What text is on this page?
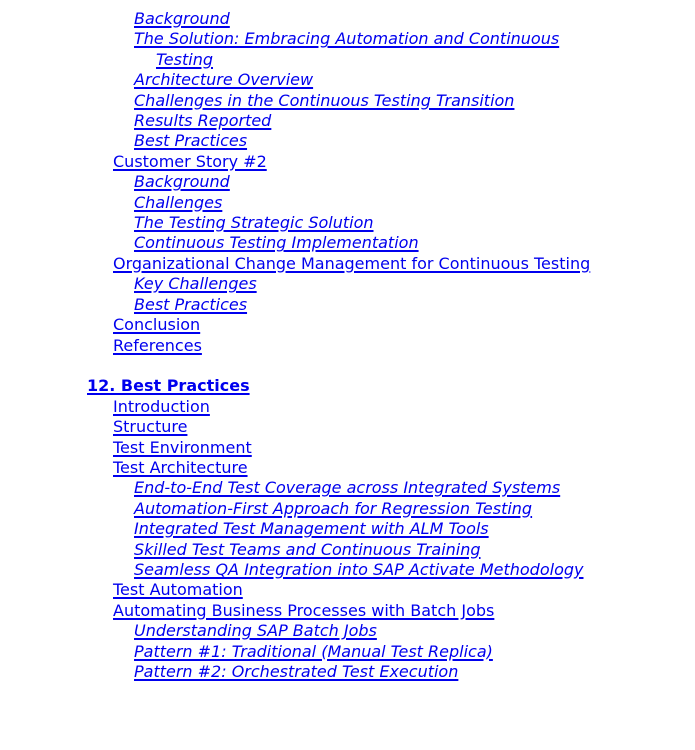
Background
The Solution: Embracing Automation and Continuous Testing
Architecture Overview
Challenges in the Continuous Testing Transition
Results Reported
Best Practices
Customer Story #2
Background
Challenges
The Testing Strategic Solution
Continuous Testing Implementation
Organizational Change Management for Continuous Testing
Key Challenges
Best Practices
Conclusion
References
12. Best Practices
Introduction
Structure
Test Environment
Test Architecture
End-to-End Test Coverage across Integrated Systems
Automation-First Approach for Regression Testing
Integrated Test Management with ALM Tools
Skilled Test Teams and Continuous Training
Seamless QA Integration into SAP Activate Methodology
Test Automation
Automating Business Processes with Batch Jobs
Understanding SAP Batch Jobs
Pattern #1: Traditional (Manual Test Replica)
Pattern #2: Orchestrated Test Execution
